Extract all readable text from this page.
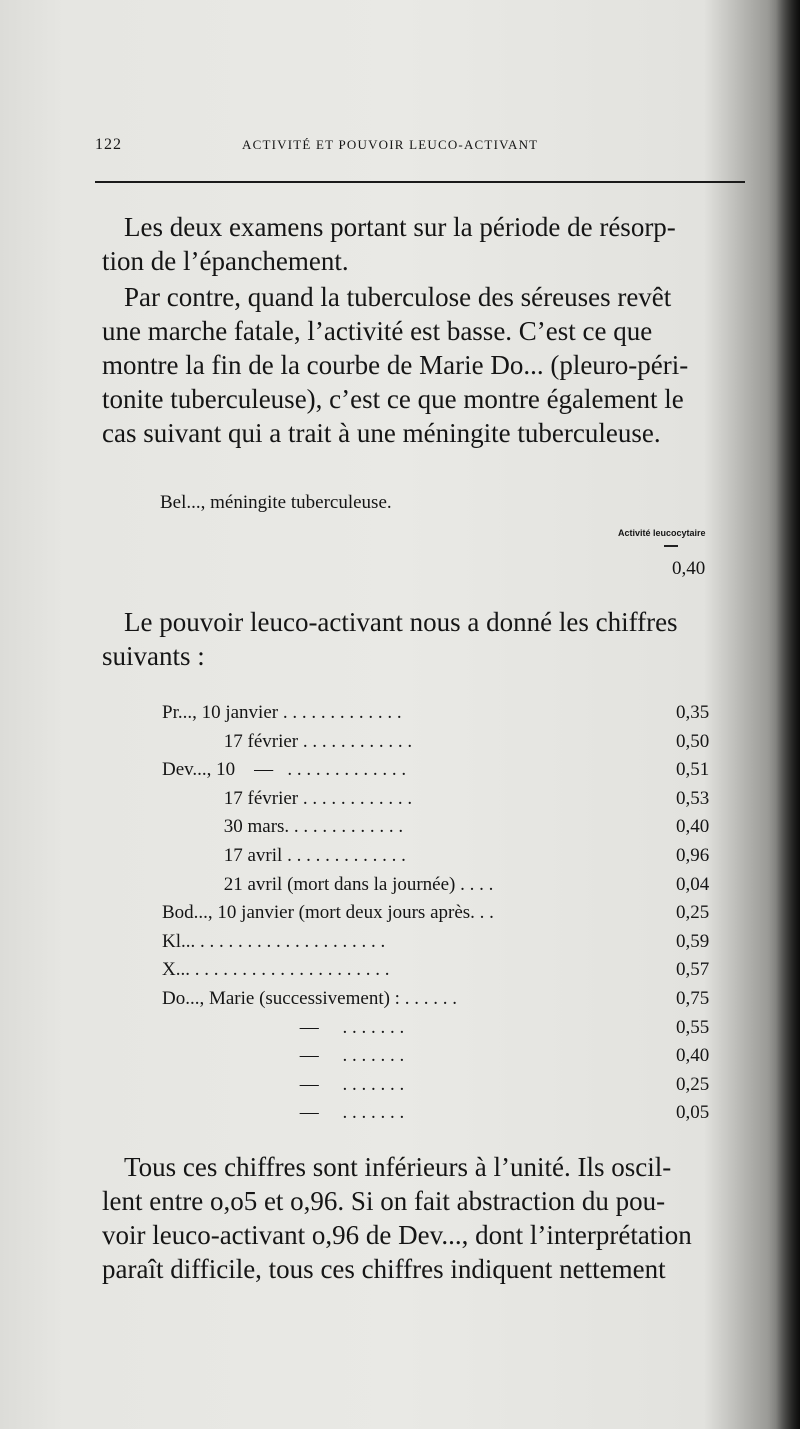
122	ACTIVITÉ ET POUVOIR LEUCO-ACTIVANT
Les deux examens portant sur la période de résorp-
tion de l’épanchement.
Par contre, quand la tuberculose des séreuses revêt
une marche fatale, l’activité est basse. C’est ce que
montre la fin de la courbe de Marie Do... (pleuro-péri-
tonite tuberculeuse), c’est ce que montre également le
cas suivant qui a trait à une méningite tuberculeuse.
Bel..., méningite tuberculeuse.
Activité leucocytaire
0,40
Le pouvoir leuco-activant nous a donné les chiffres
suivants :
Pr..., 10 janvier . . . . . . . . . . . . .	0,35
17 février . . . . . . . . . . . .	0,50
Dev..., 10    —   . . . . . . . . . . . . .	0,51
17 février . . . . . . . . . . . .	0,53
30 mars. . . . . . . . . . . . .	0,40
17 avril . . . . . . . . . . . . .	0,96
21 avril (mort dans la journée) . . . .	0,04
Bod..., 10 janvier (mort deux jours après. . .	0,25
Kl... . . . . . . . . . . . . . . . . . . . .	0,59
X... . . . . . . . . . . . . . . . . . . . . .	0,57
Do..., Marie (successivement) : . . . . . .	0,75
—     . . . . . . .	0,55
—     . . . . . . .	0,40
—     . . . . . . .	0,25
—     . . . . . . .	0,05
Tous ces chiffres sont inférieurs à l’unité. Ils oscil-
lent entre o,o5 et o,96. Si on fait abstraction du pou-
voir leuco-activant o,96 de Dev..., dont l’interprétation
paraît difficile, tous ces chiffres indiquent nettement
